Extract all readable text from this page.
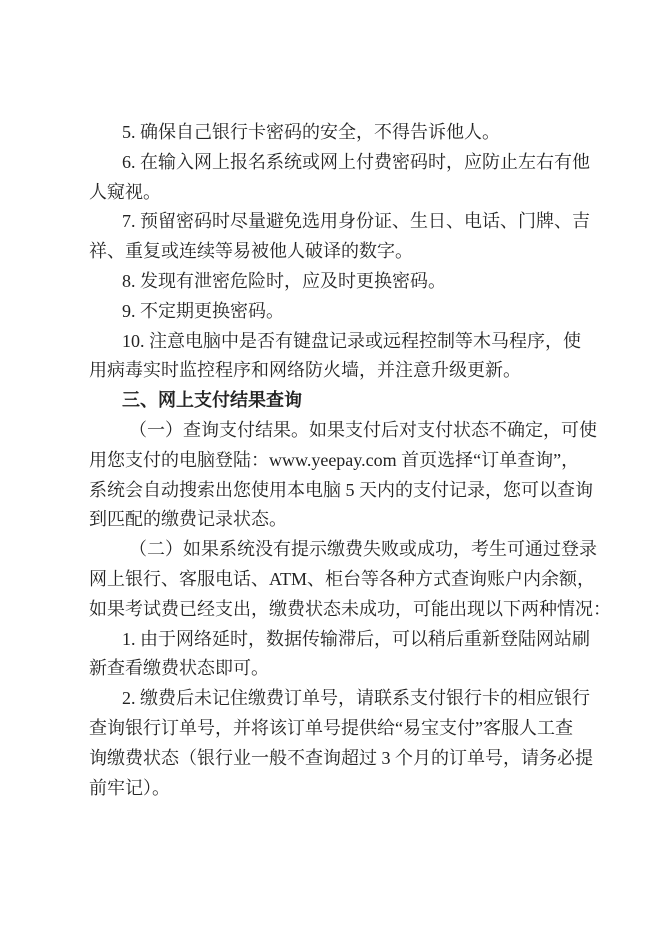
5. 确保自己银行卡密码的安全，不得告诉他人。
6. 在输入网上报名系统或网上付费密码时，应防止左右有他
人窥视。
7. 预留密码时尽量避免选用身份证、生日、电话、门牌、吉
祥、重复或连续等易被他人破译的数字。
8. 发现有泄密危险时，应及时更换密码。
9. 不定期更换密码。
10. 注意电脑中是否有键盘记录或远程控制等木马程序，使
用病毒实时监控程序和网络防火墙，并注意升级更新。
三、网上支付结果查询
（一）查询支付结果。如果支付后对支付状态不确定，可使
用您支付的电脑登陆：www.yeepay.com 首页选择“订单查询”，
系统会自动搜索出您使用本电脑 5 天内的支付记录，您可以查询
到匹配的缴费记录状态。
（二）如果系统没有提示缴费失败或成功，考生可通过登录
网上银行、客服电话、ATM、柜台等各种方式查询账户内余额，
如果考试费已经支出，缴费状态未成功，可能出现以下两种情况：
1. 由于网络延时，数据传输滞后，可以稍后重新登陆网站刷
新查看缴费状态即可。
2. 缴费后未记住缴费订单号，请联系支付银行卡的相应银行
查询银行订单号，并将该订单号提供给“易宝支付”客服人工查
询缴费状态（银行业一般不查询超过 3 个月的订单号，请务必提
前牢记）。
